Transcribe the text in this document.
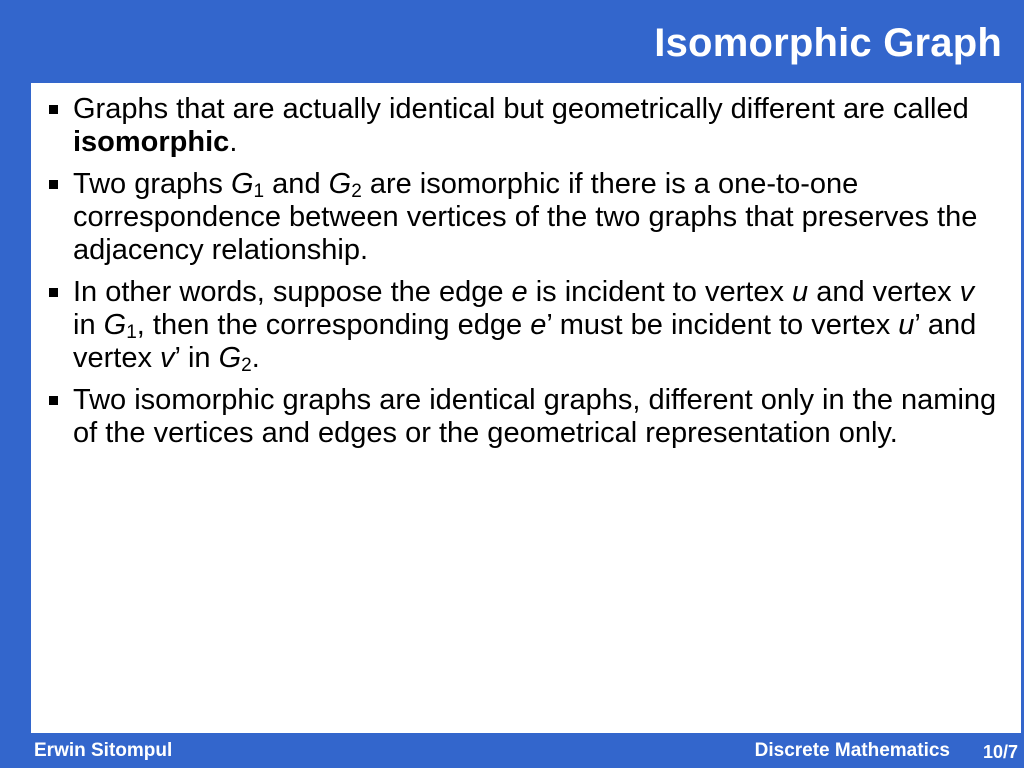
Isomorphic Graph
Graphs that are actually identical but geometrically different are called isomorphic.
Two graphs $G_1$ and $G_2$ are isomorphic if there is a one-to-one correspondence between vertices of the two graphs that preserves the adjacency relationship.
In other words, suppose the edge e is incident to vertex u and vertex v in $G_1$, then the corresponding edge e’ must be incident to vertex u’ and vertex v’ in $G_2$.
Two isomorphic graphs are identical graphs, different only in the naming of the vertices and edges or the geometrical representation only.
Erwin Sitompul	Discrete Mathematics 10/7
